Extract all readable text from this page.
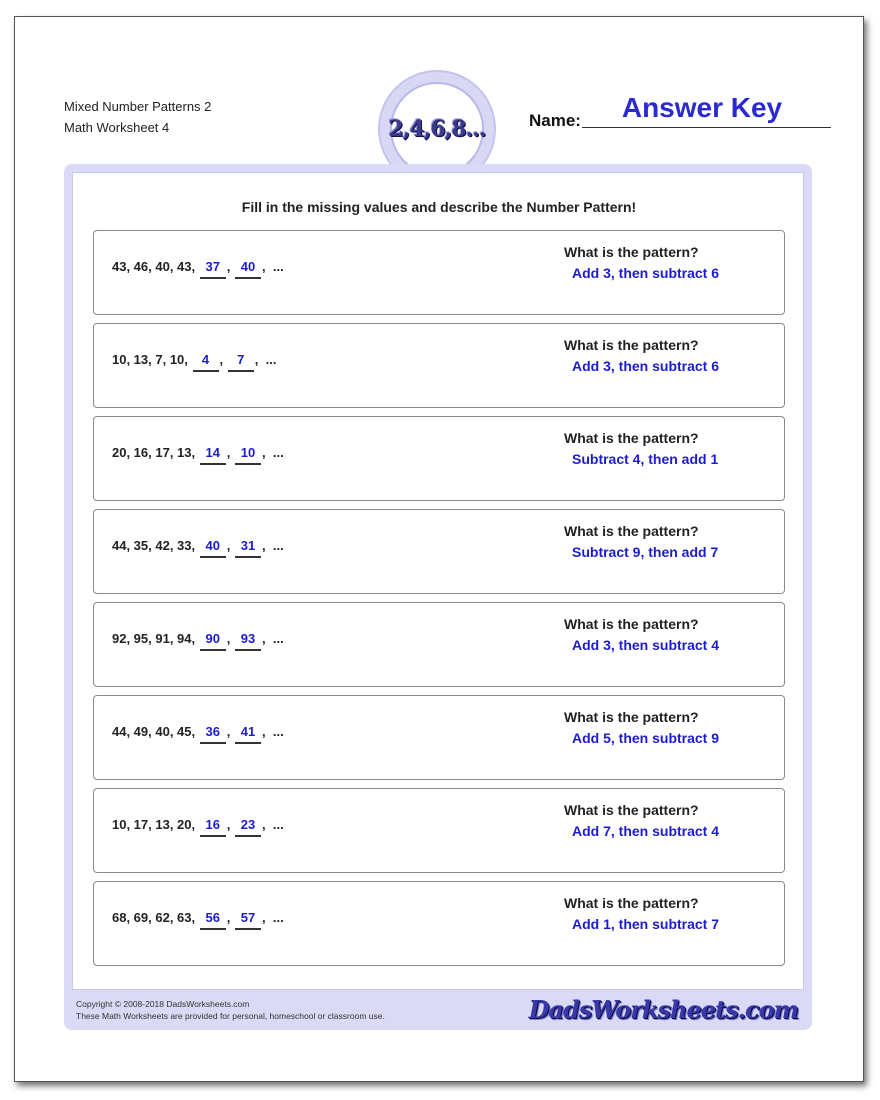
Mixed Number Patterns 2
Math Worksheet 4	2,4,6,8...	Name:	Answer Key
Fill in the missing values and describe the Number Pattern!
43, 46, 40, 43, 37 , 40 , ...
What is the pattern?
Add 3, then subtract 6
10, 13, 7, 10, 4 , 7 , ...
What is the pattern?
Add 3, then subtract 6
20, 16, 17, 13, 14 , 10 , ...
What is the pattern?
Subtract 4, then add 1
44, 35, 42, 33, 40 , 31 , ...
What is the pattern?
Subtract 9, then add 7
92, 95, 91, 94, 90 , 93 , ...
What is the pattern?
Add 3, then subtract 4
44, 49, 40, 45, 36 , 41 , ...
What is the pattern?
Add 5, then subtract 9
10, 17, 13, 20, 16 , 23 , ...
What is the pattern?
Add 7, then subtract 4
68, 69, 62, 63, 56 , 57 , ...
What is the pattern?
Add 1, then subtract 7
Copyright © 2008-2018 DadsWorksheets.com
These Math Worksheets are provided for personal, homeschool or classroom use.	DadsWorksheets.com
